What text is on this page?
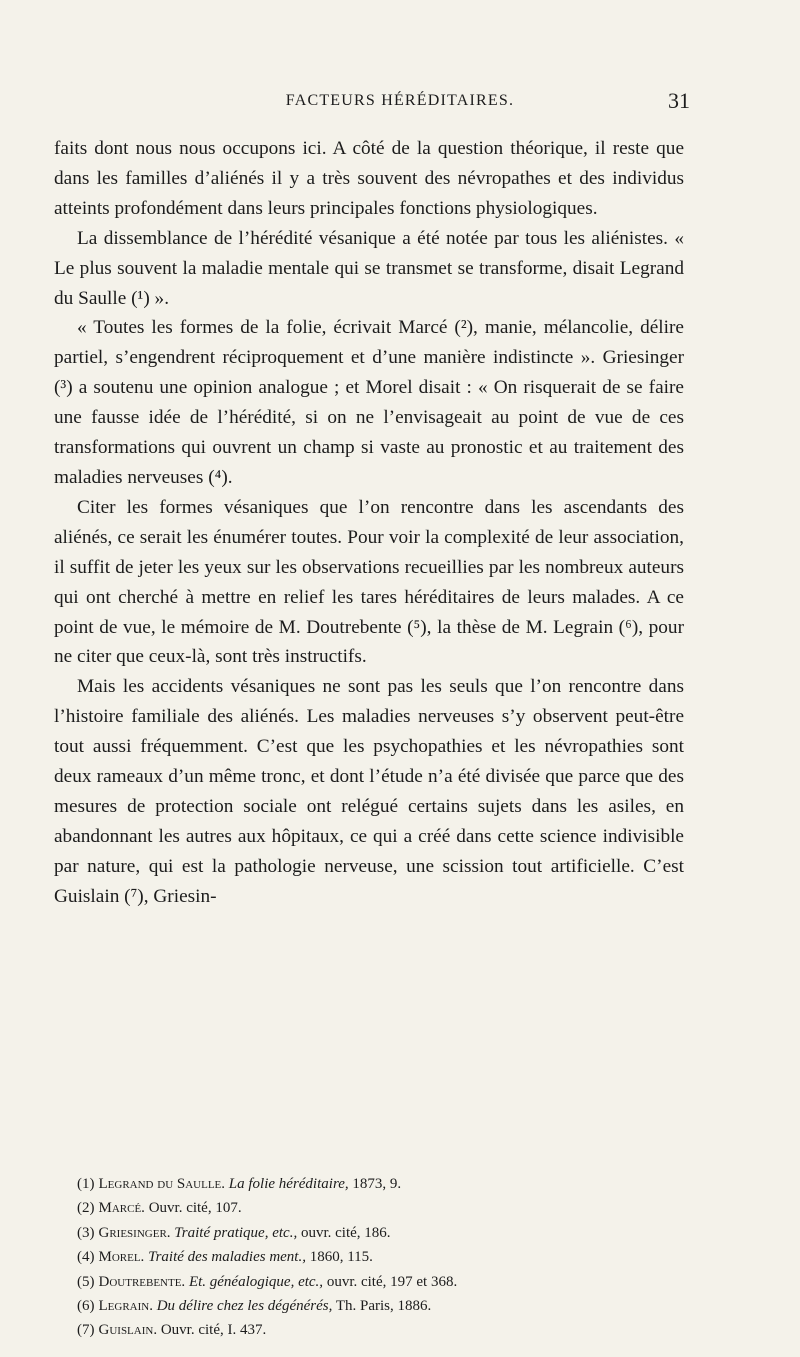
FACTEURS HÉRÉDITAIRES.	31

faits dont nous nous occupons ici. A côté de la question théorique, il reste que dans les familles d’aliénés il y a très souvent des névropathes et des individus atteints profondément dans leurs principales fonctions physiologiques.

La dissemblance de l’hérédité vésanique a été notée par tous les aliénistes. « Le plus souvent la maladie mentale qui se transmet se transforme, disait Legrand du Saulle (¹) ».

« Toutes les formes de la folie, écrivait Marcé (²), manie, mélancolie, délire partiel, s’engendrent réciproquement et d’une manière indistincte ». Griesinger (³) a soutenu une opinion analogue ; et Morel disait : « On risquerait de se faire une fausse idée de l’hérédité, si on ne l’envisageait au point de vue de ces transformations qui ouvrent un champ si vaste au pronostic et au traitement des maladies nerveuses (⁴).

Citer les formes vésaniques que l’on rencontre dans les ascendants des aliénés, ce serait les énumérer toutes. Pour voir la complexité de leur association, il suffit de jeter les yeux sur les observations recueillies par les nombreux auteurs qui ont cherché à mettre en relief les tares héréditaires de leurs malades. A ce point de vue, le mémoire de M. Doutrebente (⁵), la thèse de M. Legrain (⁶), pour ne citer que ceux-là, sont très instructifs.

Mais les accidents vésaniques ne sont pas les seuls que l’on rencontre dans l’histoire familiale des aliénés. Les maladies nerveuses s’y observent peut-être tout aussi fréquemment. C’est que les psychopathies et les névropathies sont deux rameaux d’un même tronc, et dont l’étude n’a été divisée que parce que des mesures de protection sociale ont relégué certains sujets dans les asiles, en abandonnant les autres aux hôpitaux, ce qui a créé dans cette science indivisible par nature, qui est la pathologie nerveuse, une scission tout artificielle. C’est Guislain (⁷), Griesin-

(1) Legrand du Saulle. La folie héréditaire, 1873, 9.
(2) Marcé. Ouvr. cité, 107.
(3) Griesinger. Traité pratique, etc., ouvr. cité, 186.
(4) Morel. Traité des maladies ment., 1860, 115.
(5) Doutrebente. Et. généalogique, etc., ouvr. cité, 197 et 368.
(6) Legrain. Du délire chez les dégénérés, Th. Paris, 1886.
(7) Guislain. Ouvr. cité, I. 437.
